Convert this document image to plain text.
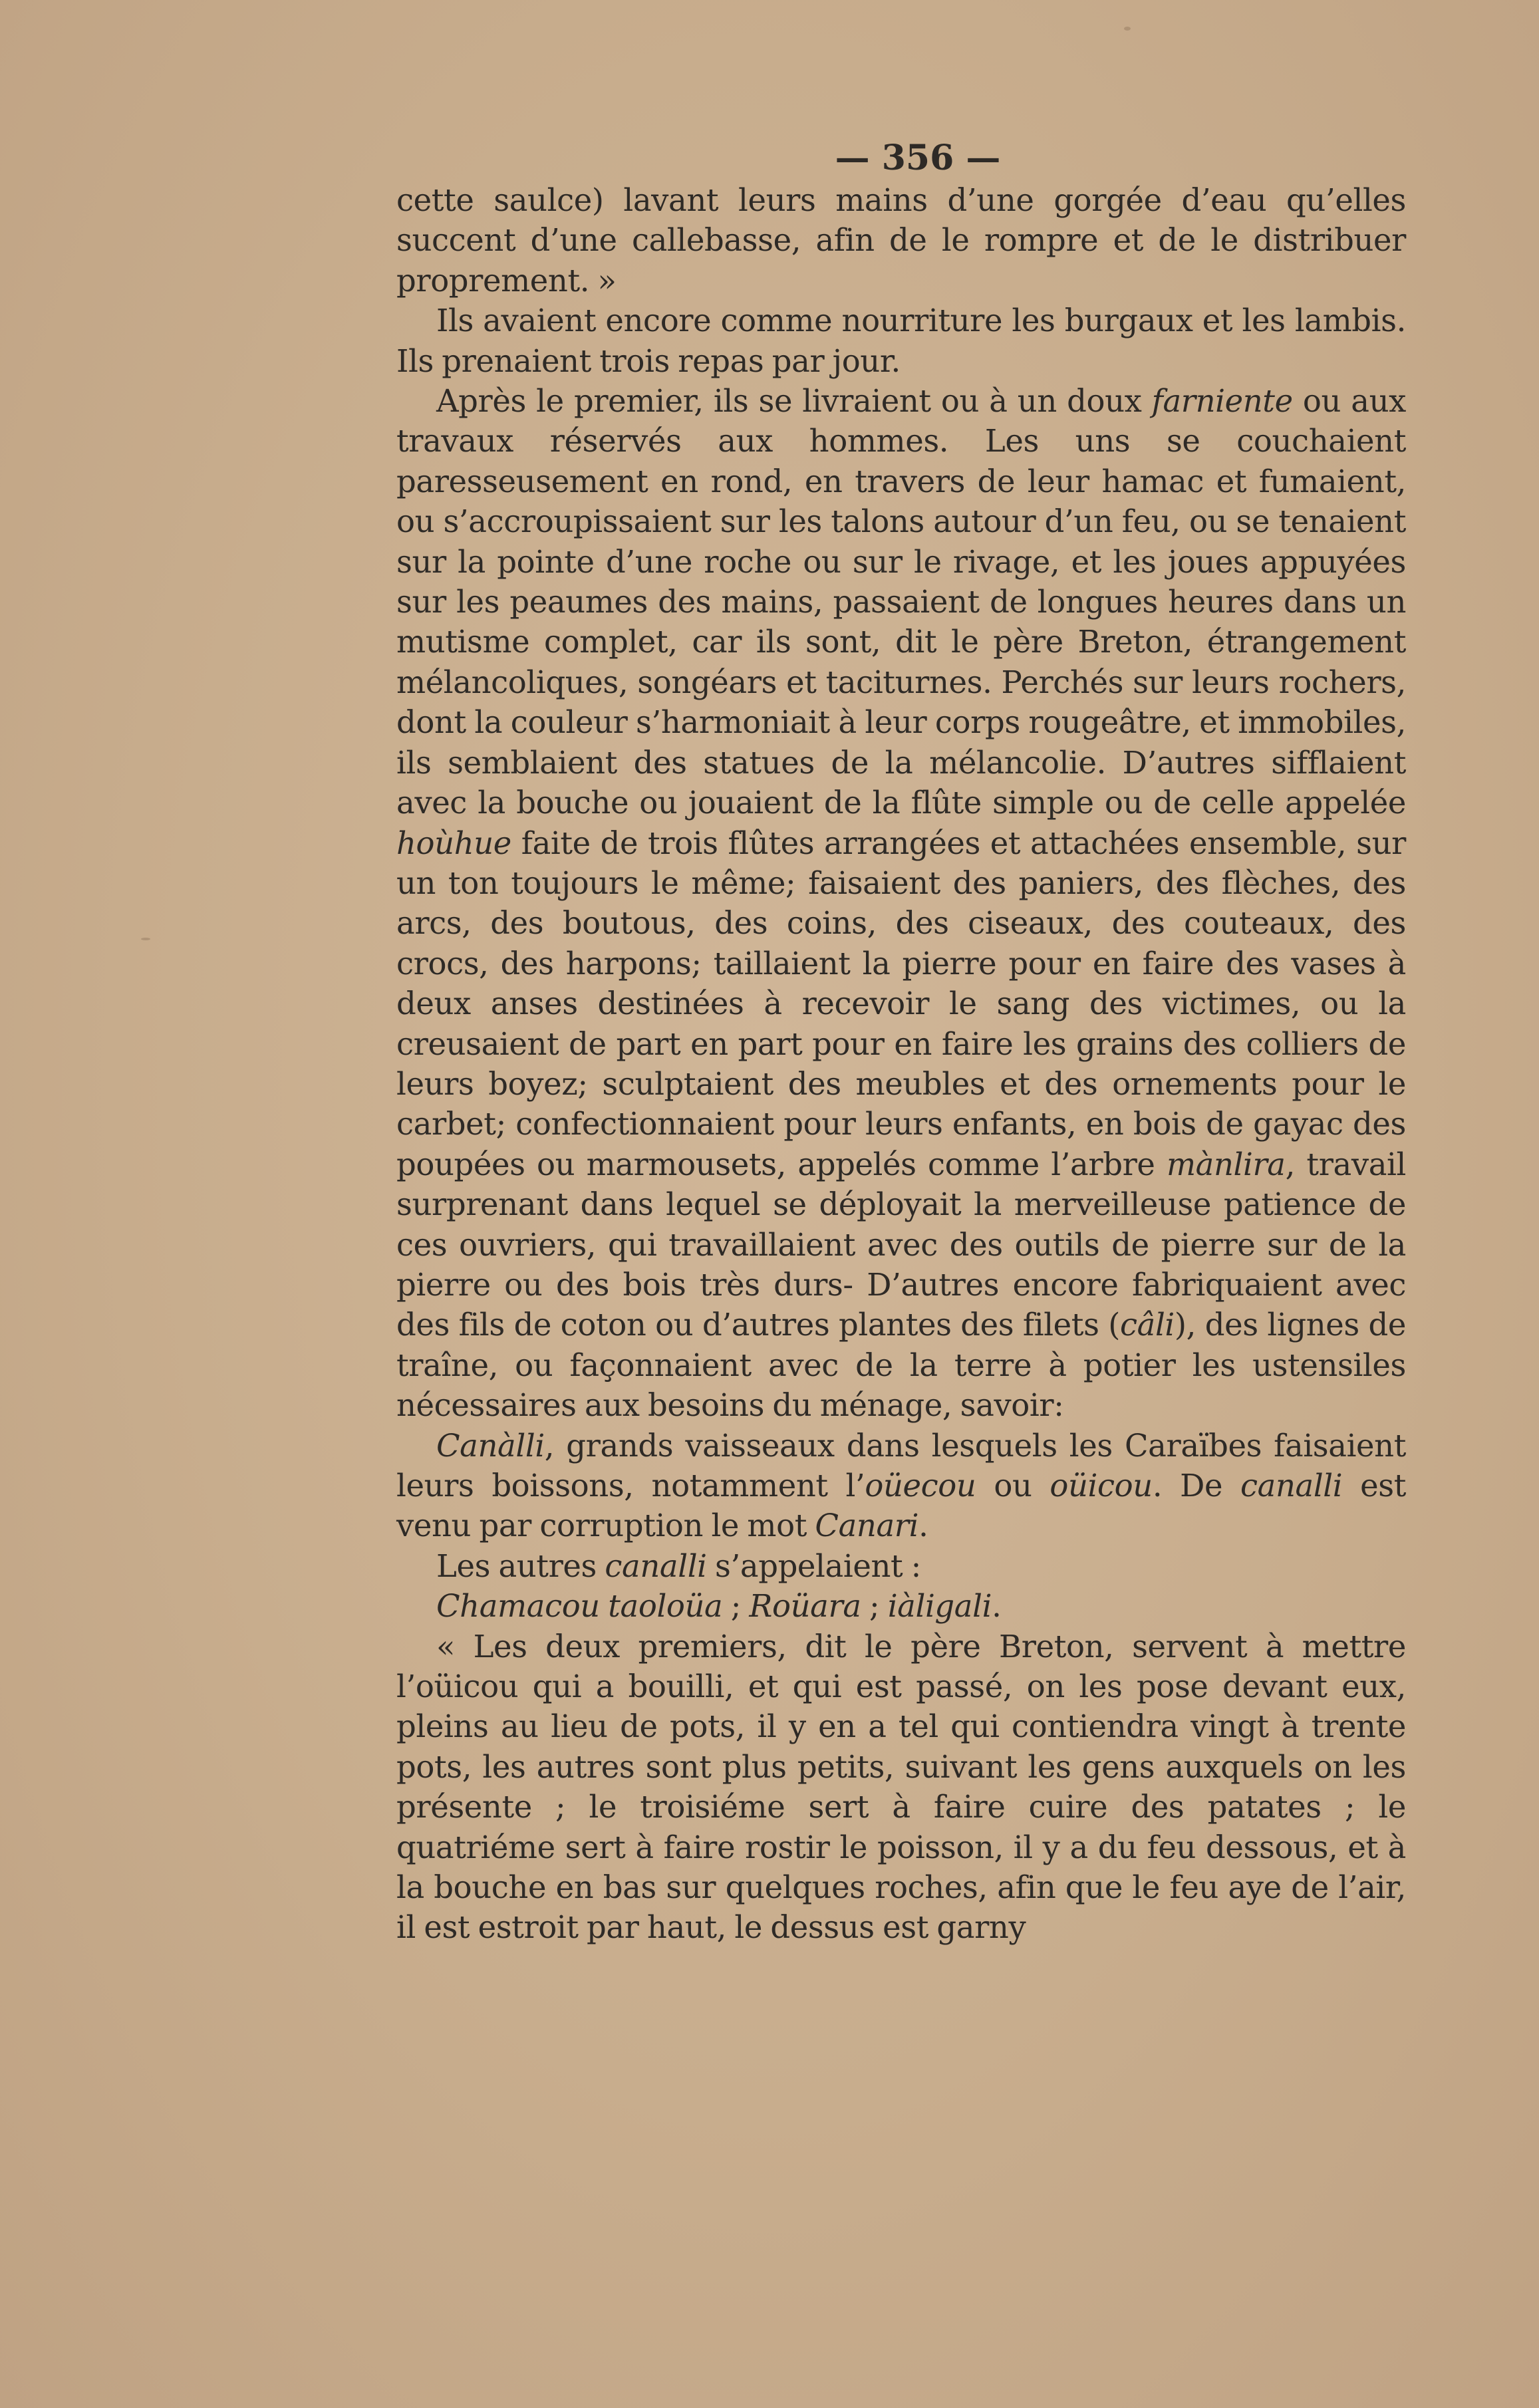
— 356 —

cette saulce) lavant leurs mains d’une gorgée d’eau qu’elles succent d’une callebasse, afin de le rompre et de le distribuer proprement. »

Ils avaient encore comme nourriture les burgaux et les lambis. Ils prenaient trois repas par jour.

Après le premier, ils se livraient ou à un doux farniente ou aux travaux réservés aux hommes. Les uns se couchaient paresseusement en rond, en travers de leur hamac et fumaient, ou s’accroupissaient sur les talons autour d’un feu, ou se tenaient sur la pointe d’une roche ou sur le rivage, et les joues appuyées sur les peaumes des mains, passaient de longues heures dans un mutisme complet, car ils sont, dit le père Breton, étrangement mélancoliques, songéars et taciturnes. Perchés sur leurs rochers, dont la couleur s’harmoniait à leur corps rougeâtre, et immobiles, ils semblaient des statues de la mélancolie. D’autres sifflaient avec la bouche ou jouaient de la flûte simple ou de celle appelée hoùhue faite de trois flûtes arrangées et attachées ensemble, sur un ton toujours le même; faisaient des paniers, des flèches, des arcs, des boutous, des coins, des ciseaux, des couteaux, des crocs, des harpons; taillaient la pierre pour en faire des vases à deux anses destinées à recevoir le sang des victimes, ou la creusaient de part en part pour en faire les grains des colliers de leurs boyez; sculptaient des meubles et des ornements pour le carbet; confectionnaient pour leurs enfants, en bois de gayac des poupées ou marmousets, appelés comme l’arbre mànlira, travail surprenant dans lequel se déployait la merveilleuse patience de ces ouvriers, qui travaillaient avec des outils de pierre sur de la pierre ou des bois très durs- D’autres encore fabriquaient avec des fils de coton ou d’autres plantes des filets (câli), des lignes de traîne, ou façonnaient avec de la terre à potier les ustensiles nécessaires aux besoins du ménage, savoir:

Canàlli, grands vaisseaux dans lesquels les Caraïbes faisaient leurs boissons, notamment l’oüecou ou oüicou. De canalli est venu par corruption le mot Canari.

Les autres canalli s’appelaient :

Chamacou taoloüa ; Roüara ; iàligali.

« Les deux premiers, dit le père Breton, servent à mettre l’oüicou qui a bouilli, et qui est passé, on les pose devant eux, pleins au lieu de pots, il y en a tel qui contiendra vingt à trente pots, les autres sont plus petits, suivant les gens auxquels on les présente ; le troisiéme sert à faire cuire des patates ; le quatriéme sert à faire rostir le poisson, il y a du feu dessous, et à la bouche en bas sur quelques roches, afin que le feu aye de l’air, il est estroit par haut, le dessus est garny
